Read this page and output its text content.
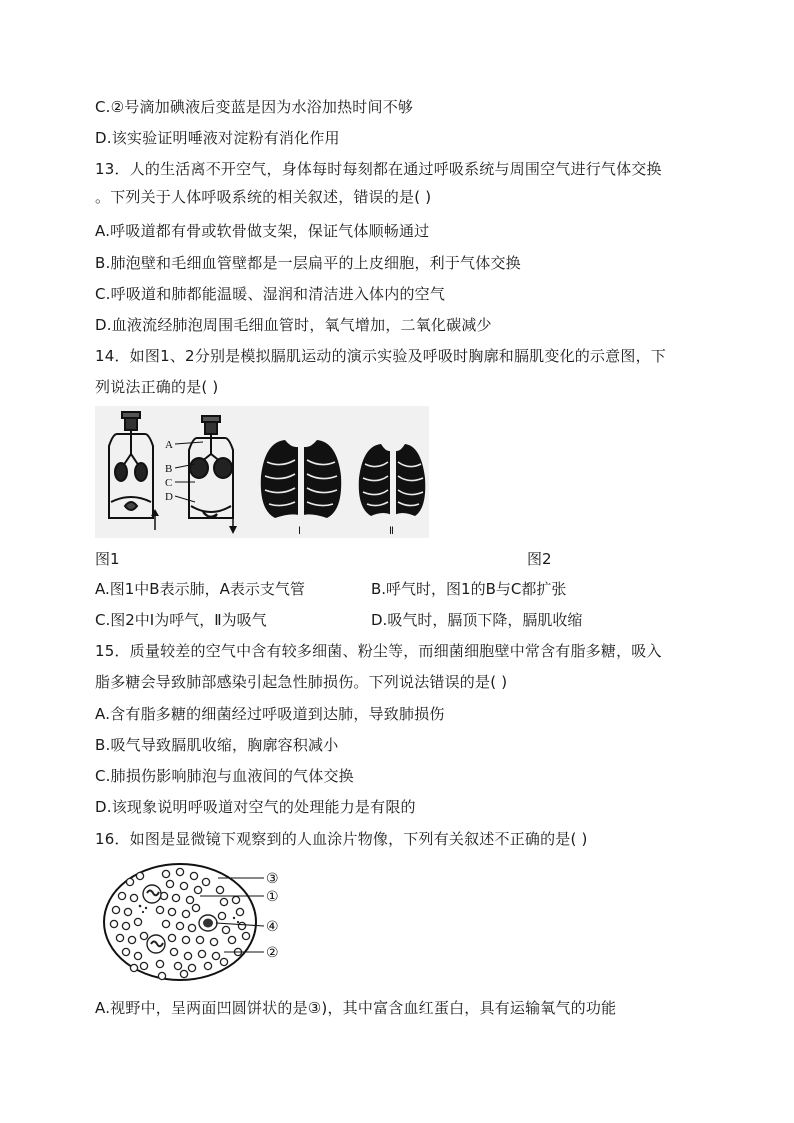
C.②号滴加碘液后变蓝是因为水浴加热时间不够
D.该实验证明唾液对淀粉有消化作用
13．人的生活离不开空气，身体每时每刻都在通过呼吸系统与周围空气进行气体交换
。下列关于人体呼吸系统的相关叙述，错误的是( )
A.呼吸道都有骨或软骨做支架，保证气体顺畅通过
B.肺泡壁和毛细血管壁都是一层扁平的上皮细胞，利于气体交换
C.呼吸道和肺都能温暖、湿润和清洁进入体内的空气
D.血液流经肺泡周围毛细血管时，氧气增加，二氧化碳减少
14．如图1、2分别是模拟膈肌运动的演示实验及呼吸时胸廓和膈肌变化的示意图，下
列说法正确的是( )
A
B
C
D
Ⅰ	Ⅱ
图1	图2
A.图1中B表示肺，A表示支气管	B.呼气时，图1的B与C都扩张
C.图2中Ⅰ为呼气，Ⅱ为吸气	D.吸气时，膈顶下降，膈肌收缩
15．质量较差的空气中含有较多细菌、粉尘等，而细菌细胞壁中常含有脂多糖，吸入
脂多糖会导致肺部感染引起急性肺损伤。下列说法错误的是( )
A.含有脂多糖的细菌经过呼吸道到达肺，导致肺损伤
B.吸气导致膈肌收缩，胸廓容积减小
C.肺损伤影响肺泡与血液间的气体交换
D.该现象说明呼吸道对空气的处理能力是有限的
16．如图是显微镜下观察到的人血涂片物像，下列有关叙述不正确的是( )
③
①
④
②
A.视野中，呈两面凹圆饼状的是③)，其中富含血红蛋白，具有运输氧气的功能
